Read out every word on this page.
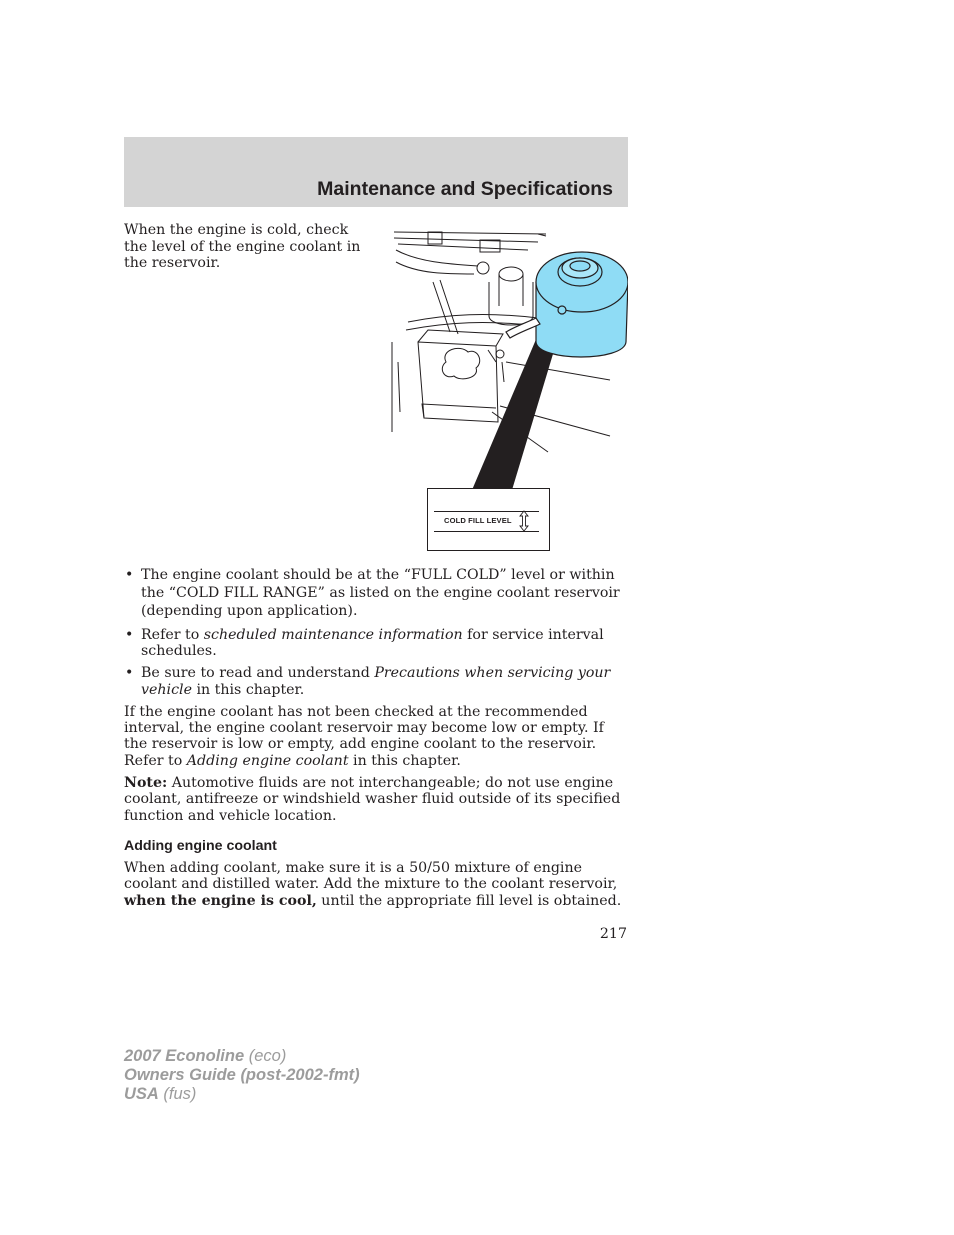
Maintenance and Specifications

When the engine is cold, check the level of the engine coolant in the reservoir.

COLD FILL LEVEL
• The engine coolant should be at the “FULL COLD” level or within the “COLD FILL RANGE” as listed on the engine coolant reservoir (depending upon application).
• Refer to scheduled maintenance information for service interval schedules.
• Be sure to read and understand Precautions when servicing your vehicle in this chapter.

If the engine coolant has not been checked at the recommended interval, the engine coolant reservoir may become low or empty. If the reservoir is low or empty, add engine coolant to the reservoir. Refer to Adding engine coolant in this chapter.

Note: Automotive fluids are not interchangeable; do not use engine coolant, antifreeze or windshield washer fluid outside of its specified function and vehicle location.

Adding engine coolant

When adding coolant, make sure it is a 50/50 mixture of engine coolant and distilled water. Add the mixture to the coolant reservoir, when the engine is cool, until the appropriate fill level is obtained.

217
2007 Econoline (eco)
Owners Guide (post-2002-fmt)
USA (fus)
